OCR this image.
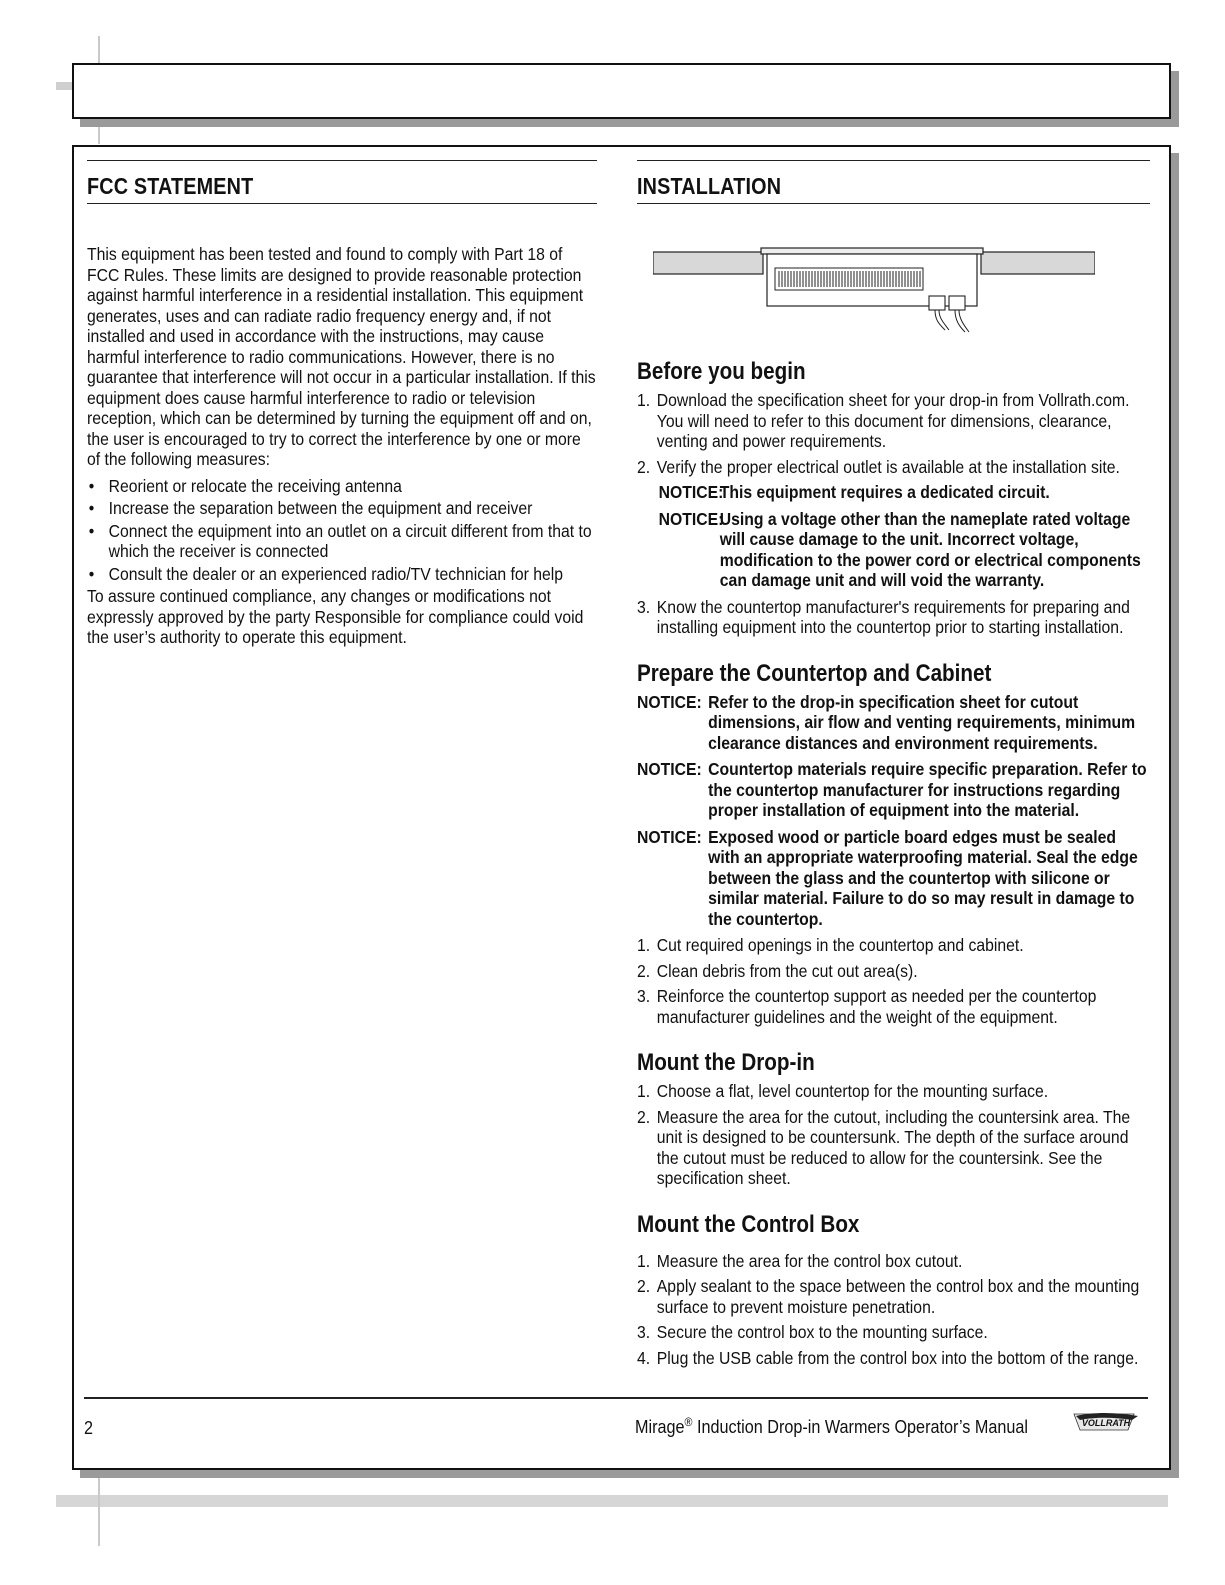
FCC STATEMENT
This equipment has been tested and found to comply with Part 18 of FCC Rules. These limits are designed to provide reasonable protection against harmful interference in a residential installation. This equipment generates, uses and can radiate radio frequency energy and, if not installed and used in accordance with the instructions, may cause harmful interference to radio communications. However, there is no guarantee that interference will not occur in a particular installation. If this equipment does cause harmful interference to radio or television reception, which can be determined by turning the equipment off and on, the user is encouraged to try to correct the interference by one or more of the following measures:
• Reorient or relocate the receiving antenna
• Increase the separation between the equipment and receiver
• Connect the equipment into an outlet on a circuit different from that to which the receiver is connected
• Consult the dealer or an experienced radio/TV technician for help
To assure continued compliance, any changes or modifications not expressly approved by the party Responsible for compliance could void the user’s authority to operate this equipment.
INSTALLATION
Before you begin
1. Download the specification sheet for your drop-in from Vollrath.com. You will need to refer to this document for dimensions, clearance, venting and power requirements.
2. Verify the proper electrical outlet is available at the installation site.
NOTICE:
This equipment requires a dedicated circuit.
NOTICE:
Using a voltage other than the nameplate rated voltage will cause damage to the unit. Incorrect voltage, modification to the power cord or electrical components can damage unit and will void the warranty.
3. Know the countertop manufacturer's requirements for preparing and installing equipment into the countertop prior to starting installation.
Prepare the Countertop and Cabinet
NOTICE: Refer to the drop-in specification sheet for cutout dimensions, air flow and venting requirements, minimum clearance distances and environment requirements.
NOTICE: Countertop materials require specific preparation. Refer to the countertop manufacturer for instructions regarding proper installation of equipment into the material.
NOTICE: Exposed wood or particle board edges must be sealed with an appropriate waterproofing material. Seal the edge between the glass and the countertop with silicone or similar material. Failure to do so may result in damage to the countertop.
1. Cut required openings in the countertop and cabinet.
2. Clean debris from the cut out area(s).
3. Reinforce the countertop support as needed per the countertop manufacturer guidelines and the weight of the equipment.
Mount the Drop-in
1. Choose a flat, level countertop for the mounting surface.
2. Measure the area for the cutout, including the countersink area. The unit is designed to be countersunk. The depth of the surface around the cutout must be reduced to allow for the countersink. See the specification sheet.
Mount the Control Box
1. Measure the area for the control box cutout.
2. Apply sealant to the space between the control box and the mounting surface to prevent moisture penetration.
3. Secure the control box to the mounting surface.
4. Plug the USB cable from the control box into the bottom of the range.
2	Mirage® Induction Drop-in Warmers Operator’s Manual	VOLLRATH
